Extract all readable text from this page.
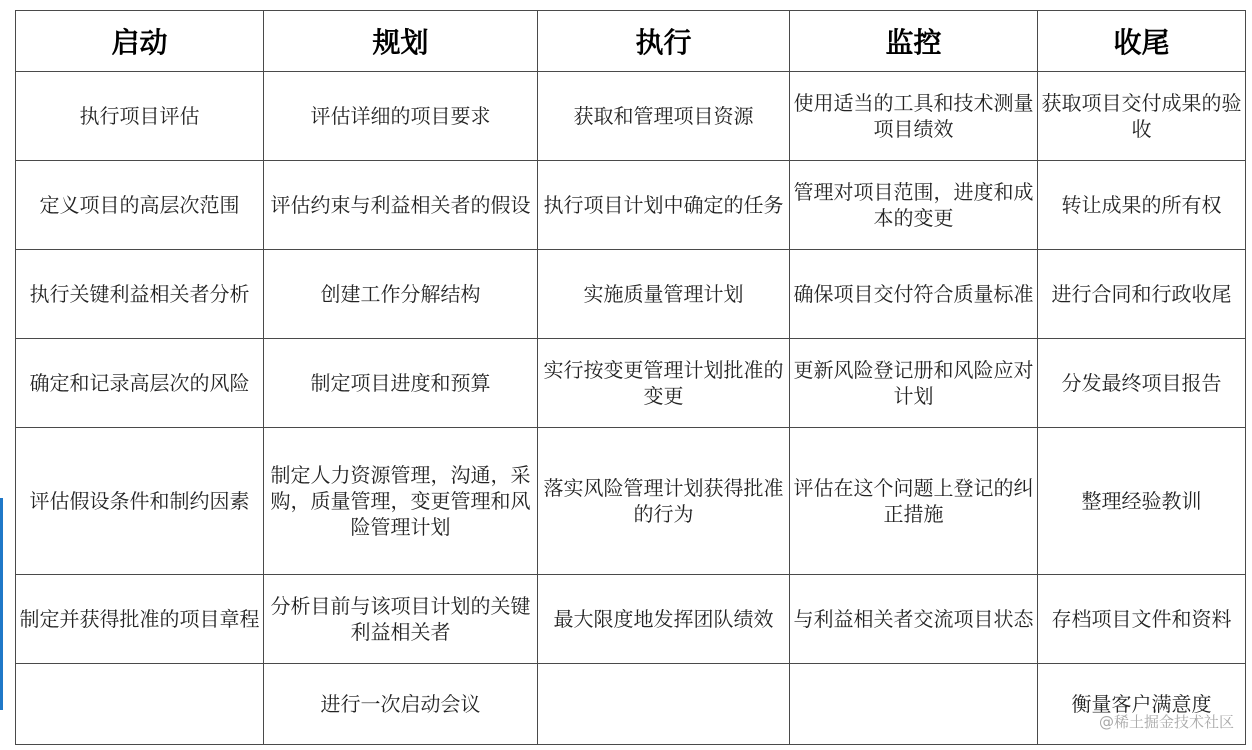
启动	规划	执行	监控	收尾
执行项目评估	评估详细的项目要求	获取和管理项目资源	使用适当的工具和技术测量项目绩效	获取项目交付成果的验收
定义项目的高层次范围	评估约束与利益相关者的假设	执行项目计划中确定的任务	管理对项目范围，进度和成本的变更	转让成果的所有权
执行关键利益相关者分析	创建工作分解结构	实施质量管理计划	确保项目交付符合质量标准	进行合同和行政收尾
确定和记录高层次的风险	制定项目进度和预算	实行按变更管理计划批准的变更	更新风险登记册和风险应对计划	分发最终项目报告
评估假设条件和制约因素	制定人力资源管理，沟通，采购，质量管理，变更管理和风险管理计划	落实风险管理计划获得批准的行为	评估在这个问题上登记的纠正措施	整理经验教训
制定并获得批准的项目章程	分析目前与该项目计划的关键利益相关者	最大限度地发挥团队绩效	与利益相关者交流项目状态	存档项目文件和资料
	进行一次启动会议			衡量客户满意度
@稀土掘金技术社区
